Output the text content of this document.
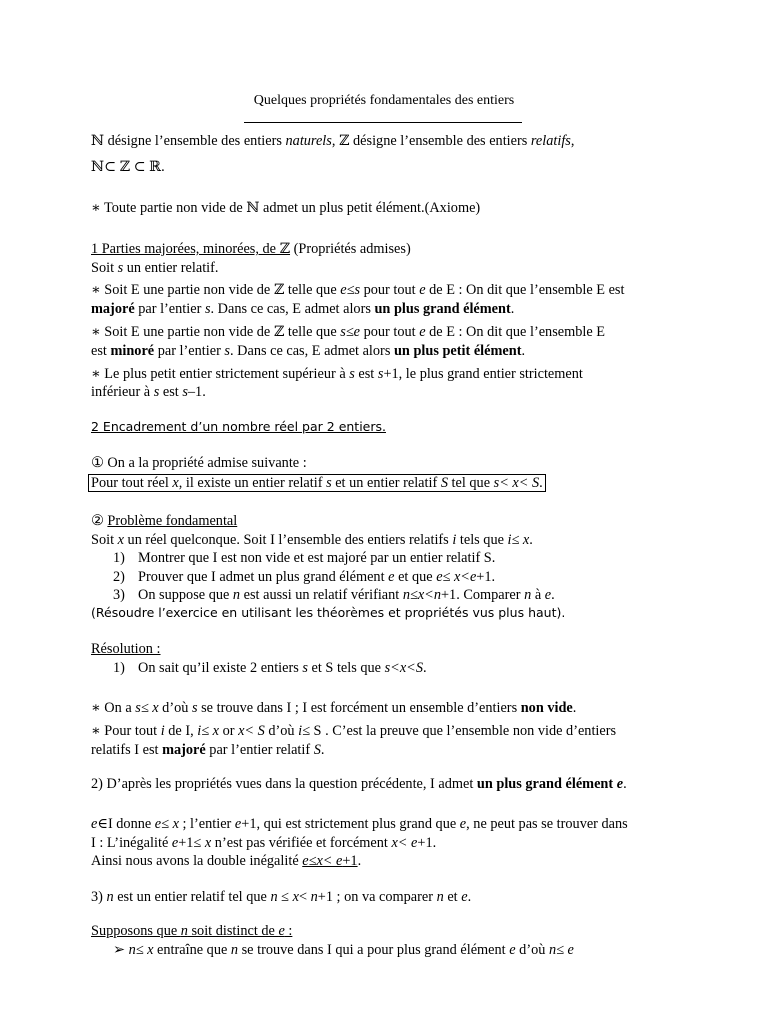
Quelques propriétés fondamentales des entiers
ℕ désigne l’ensemble des entiers naturels, ℤ désigne l’ensemble des entiers relatifs,
ℕ⊂ ℤ ⊂ ℝ.
∗ Toute partie non vide de ℕ admet un plus petit élément.(Axiome)
1 Parties majorées, minorées, de ℤ (Propriétés admises)
Soit s un entier relatif.
∗ Soit E une partie non vide de ℤ telle que e≤s pour tout e de E : On dit que l’ensemble E est
majoré par l’entier s. Dans ce cas, E admet alors un plus grand élément.
∗ Soit E une partie non vide de ℤ telle que s≤e pour tout e de E : On dit que l’ensemble E
est minoré par l’entier s. Dans ce cas, E admet alors un plus petit élément.
∗ Le plus petit entier strictement supérieur à s est s+1, le plus grand entier strictement
inférieur à s est s–1.
2 Encadrement d’un nombre réel par 2 entiers.
① On a la propriété admise suivante :
Pour tout réel x, il existe un entier relatif s et un entier relatif S tel que s< x< S.
② Problème fondamental
Soit x un réel quelconque. Soit I l’ensemble des entiers relatifs i tels que i≤ x.
1) Montrer que I est non vide et est majoré par un entier relatif S.
2) Prouver que I admet un plus grand élément e et que e≤ x<e+1.
3) On suppose que n est aussi un relatif vérifiant n≤x<n+1. Comparer n à e.
(Résoudre l’exercice en utilisant les théorèmes et propriétés vus plus haut).
Résolution :
1) On sait qu’il existe 2 entiers s et S tels que s<x<S.
∗ On a s≤ x d’où s se trouve dans I ; I est forcément un ensemble d’entiers non vide.
∗ Pour tout i de I, i≤ x or x< S d’où i≤ S . C’est la preuve que l’ensemble non vide d’entiers
relatifs I est majoré par l’entier relatif S.
2) D’après les propriétés vues dans la question précédente, I admet un plus grand élément e.
e∈I donne e≤ x ; l’entier e+1, qui est strictement plus grand que e, ne peut pas se trouver dans
I : L’inégalité e+1≤ x n’est pas vérifiée et forcément x< e+1.
Ainsi nous avons la double inégalité e≤x< e+1.
3) n est un entier relatif tel que n ≤ x< n+1 ; on va comparer n et e.
Supposons que n soit distinct de e :
➢ n≤ x entraîne que n se trouve dans I qui a pour plus grand élément e d’où n≤ e
